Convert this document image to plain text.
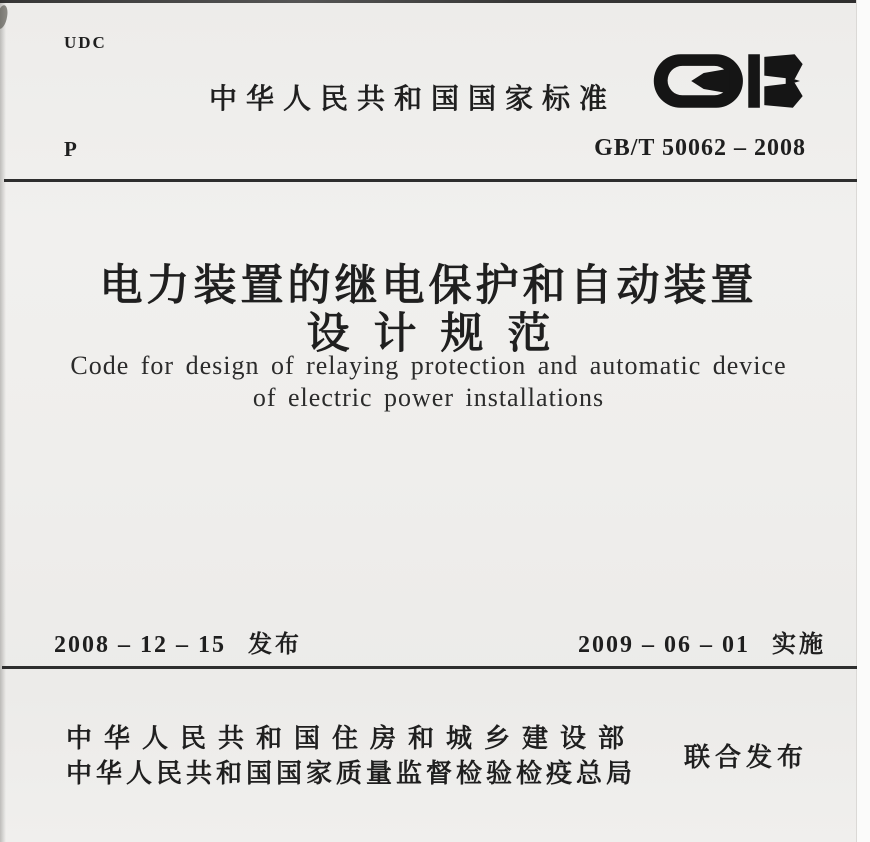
UDC
中华人民共和国国家标准
P	GB/T 50062 – 2008
电力装置的继电保护和自动装置
设计规范
Code for design of relaying protection and automatic device
of electric power installations
2008 – 12 – 15 发布	2009 – 06 – 01 实施
中华人民共和国住房和城乡建设部
中华人民共和国国家质量监督检验检疫总局
联合发布
